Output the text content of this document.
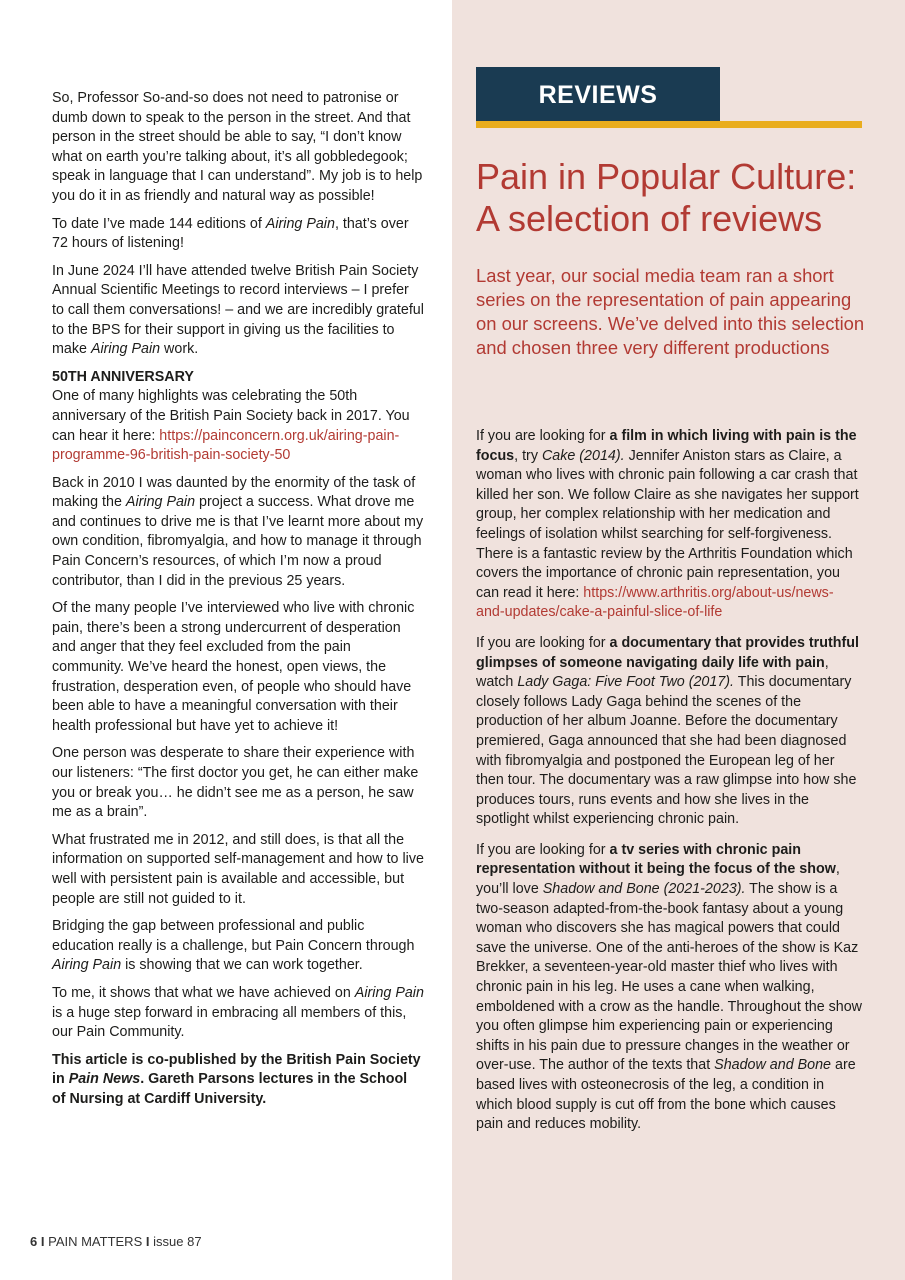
So, Professor So-and-so does not need to patronise or dumb down to speak to the person in the street. And that person in the street should be able to say, “I don’t know what on earth you’re talking about, it’s all gobbledegook; speak in language that I can understand”. My job is to help you do it in as friendly and natural way as possible!

To date I’ve made 144 editions of Airing Pain, that’s over 72 hours of listening!

In June 2024 I’ll have attended twelve British Pain Society Annual Scientific Meetings to record interviews – I prefer to call them conversations! – and we are incredibly grateful to the BPS for their support in giving us the facilities to make Airing Pain work.

50TH ANNIVERSARY

One of many highlights was celebrating the 50th anniversary of the British Pain Society back in 2017. You can hear it here: https://painconcern.org.uk/airing-pain-programme-96-british-pain-society-50

Back in 2010 I was daunted by the enormity of the task of making the Airing Pain project a success. What drove me and continues to drive me is that I’ve learnt more about my own condition, fibromyalgia, and how to manage it through Pain Concern’s resources, of which I’m now a proud contributor, than I did in the previous 25 years.

Of the many people I’ve interviewed who live with chronic pain, there’s been a strong undercurrent of desperation and anger that they feel excluded from the pain community. We’ve heard the honest, open views, the frustration, desperation even, of people who should have been able to have a meaningful conversation with their health professional but have yet to achieve it!

One person was desperate to share their experience with our listeners: “The first doctor you get, he can either make you or break you… he didn’t see me as a person, he saw me as a brain”.

What frustrated me in 2012, and still does, is that all the information on supported self-management and how to live well with persistent pain is available and accessible, but people are still not guided to it.

Bridging the gap between professional and public education really is a challenge, but Pain Concern through Airing Pain is showing that we can work together.

To me, it shows that what we have achieved on Airing Pain is a huge step forward in embracing all members of this, our Pain Community.

This article is co-published by the British Pain Society in Pain News. Gareth Parsons lectures in the School of Nursing at Cardiff University.

6 I PAIN MATTERS I issue 87
REVIEWS
Pain in Popular Culture: A selection of reviews

Last year, our social media team ran a short series on the representation of pain appearing on our screens. We’ve delved into this selection and chosen three very different productions

If you are looking for a film in which living with pain is the focus, try Cake (2014). Jennifer Aniston stars as Claire, a woman who lives with chronic pain following a car crash that killed her son. We follow Claire as she navigates her support group, her complex relationship with her medication and feelings of isolation whilst searching for self-forgiveness. There is a fantastic review by the Arthritis Foundation which covers the importance of chronic pain representation, you can read it here: https://www.arthritis.org/about-us/news-and-updates/cake-a-painful-slice-of-life

If you are looking for a documentary that provides truthful glimpses of someone navigating daily life with pain, watch Lady Gaga: Five Foot Two (2017). This documentary closely follows Lady Gaga behind the scenes of the production of her album Joanne. Before the documentary premiered, Gaga announced that she had been diagnosed with fibromyalgia and postponed the European leg of her then tour. The documentary was a raw glimpse into how she produces tours, runs events and how she lives in the spotlight whilst experiencing chronic pain.

If you are looking for a tv series with chronic pain representation without it being the focus of the show, you’ll love Shadow and Bone (2021-2023). The show is a two-season adapted-from-the-book fantasy about a young woman who discovers she has magical powers that could save the universe. One of the anti-heroes of the show is Kaz Brekker, a seventeen-year-old master thief who lives with chronic pain in his leg. He uses a cane when walking, emboldened with a crow as the handle. Throughout the show you often glimpse him experiencing pain or experiencing shifts in his pain due to pressure changes in the weather or over-use. The author of the texts that Shadow and Bone are based lives with osteonecrosis of the leg, a condition in which blood supply is cut off from the bone which causes pain and reduces mobility.
